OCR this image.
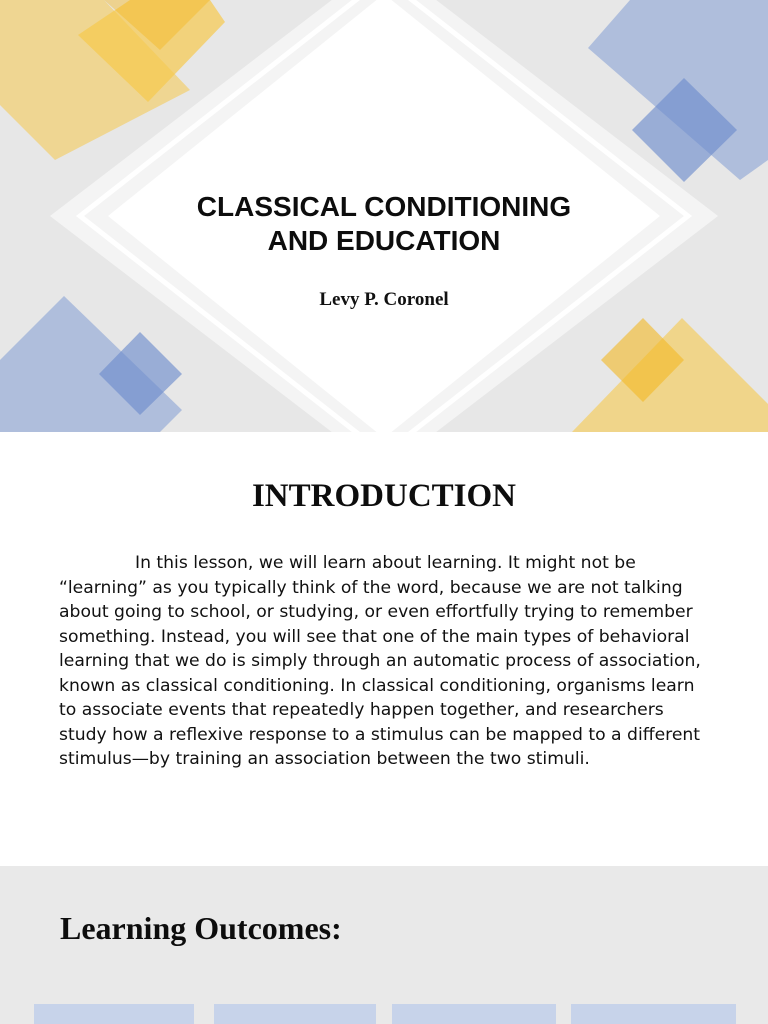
CLASSICAL CONDITIONING
AND EDUCATION
Levy P. Coronel
INTRODUCTION

In this lesson, we will learn about learning. It might not be “learning” as you typically think of the word, because we are not talking about going to school, or studying, or even effortfully trying to remember something. Instead, you will see that one of the main types of behavioral learning that we do is simply through an automatic process of association, known as classical conditioning. In classical conditioning, organisms learn to associate events that repeatedly happen together, and researchers study how a reflexive response to a stimulus can be mapped to a different stimulus—by training an association between the two stimuli.

Learning Outcomes:
